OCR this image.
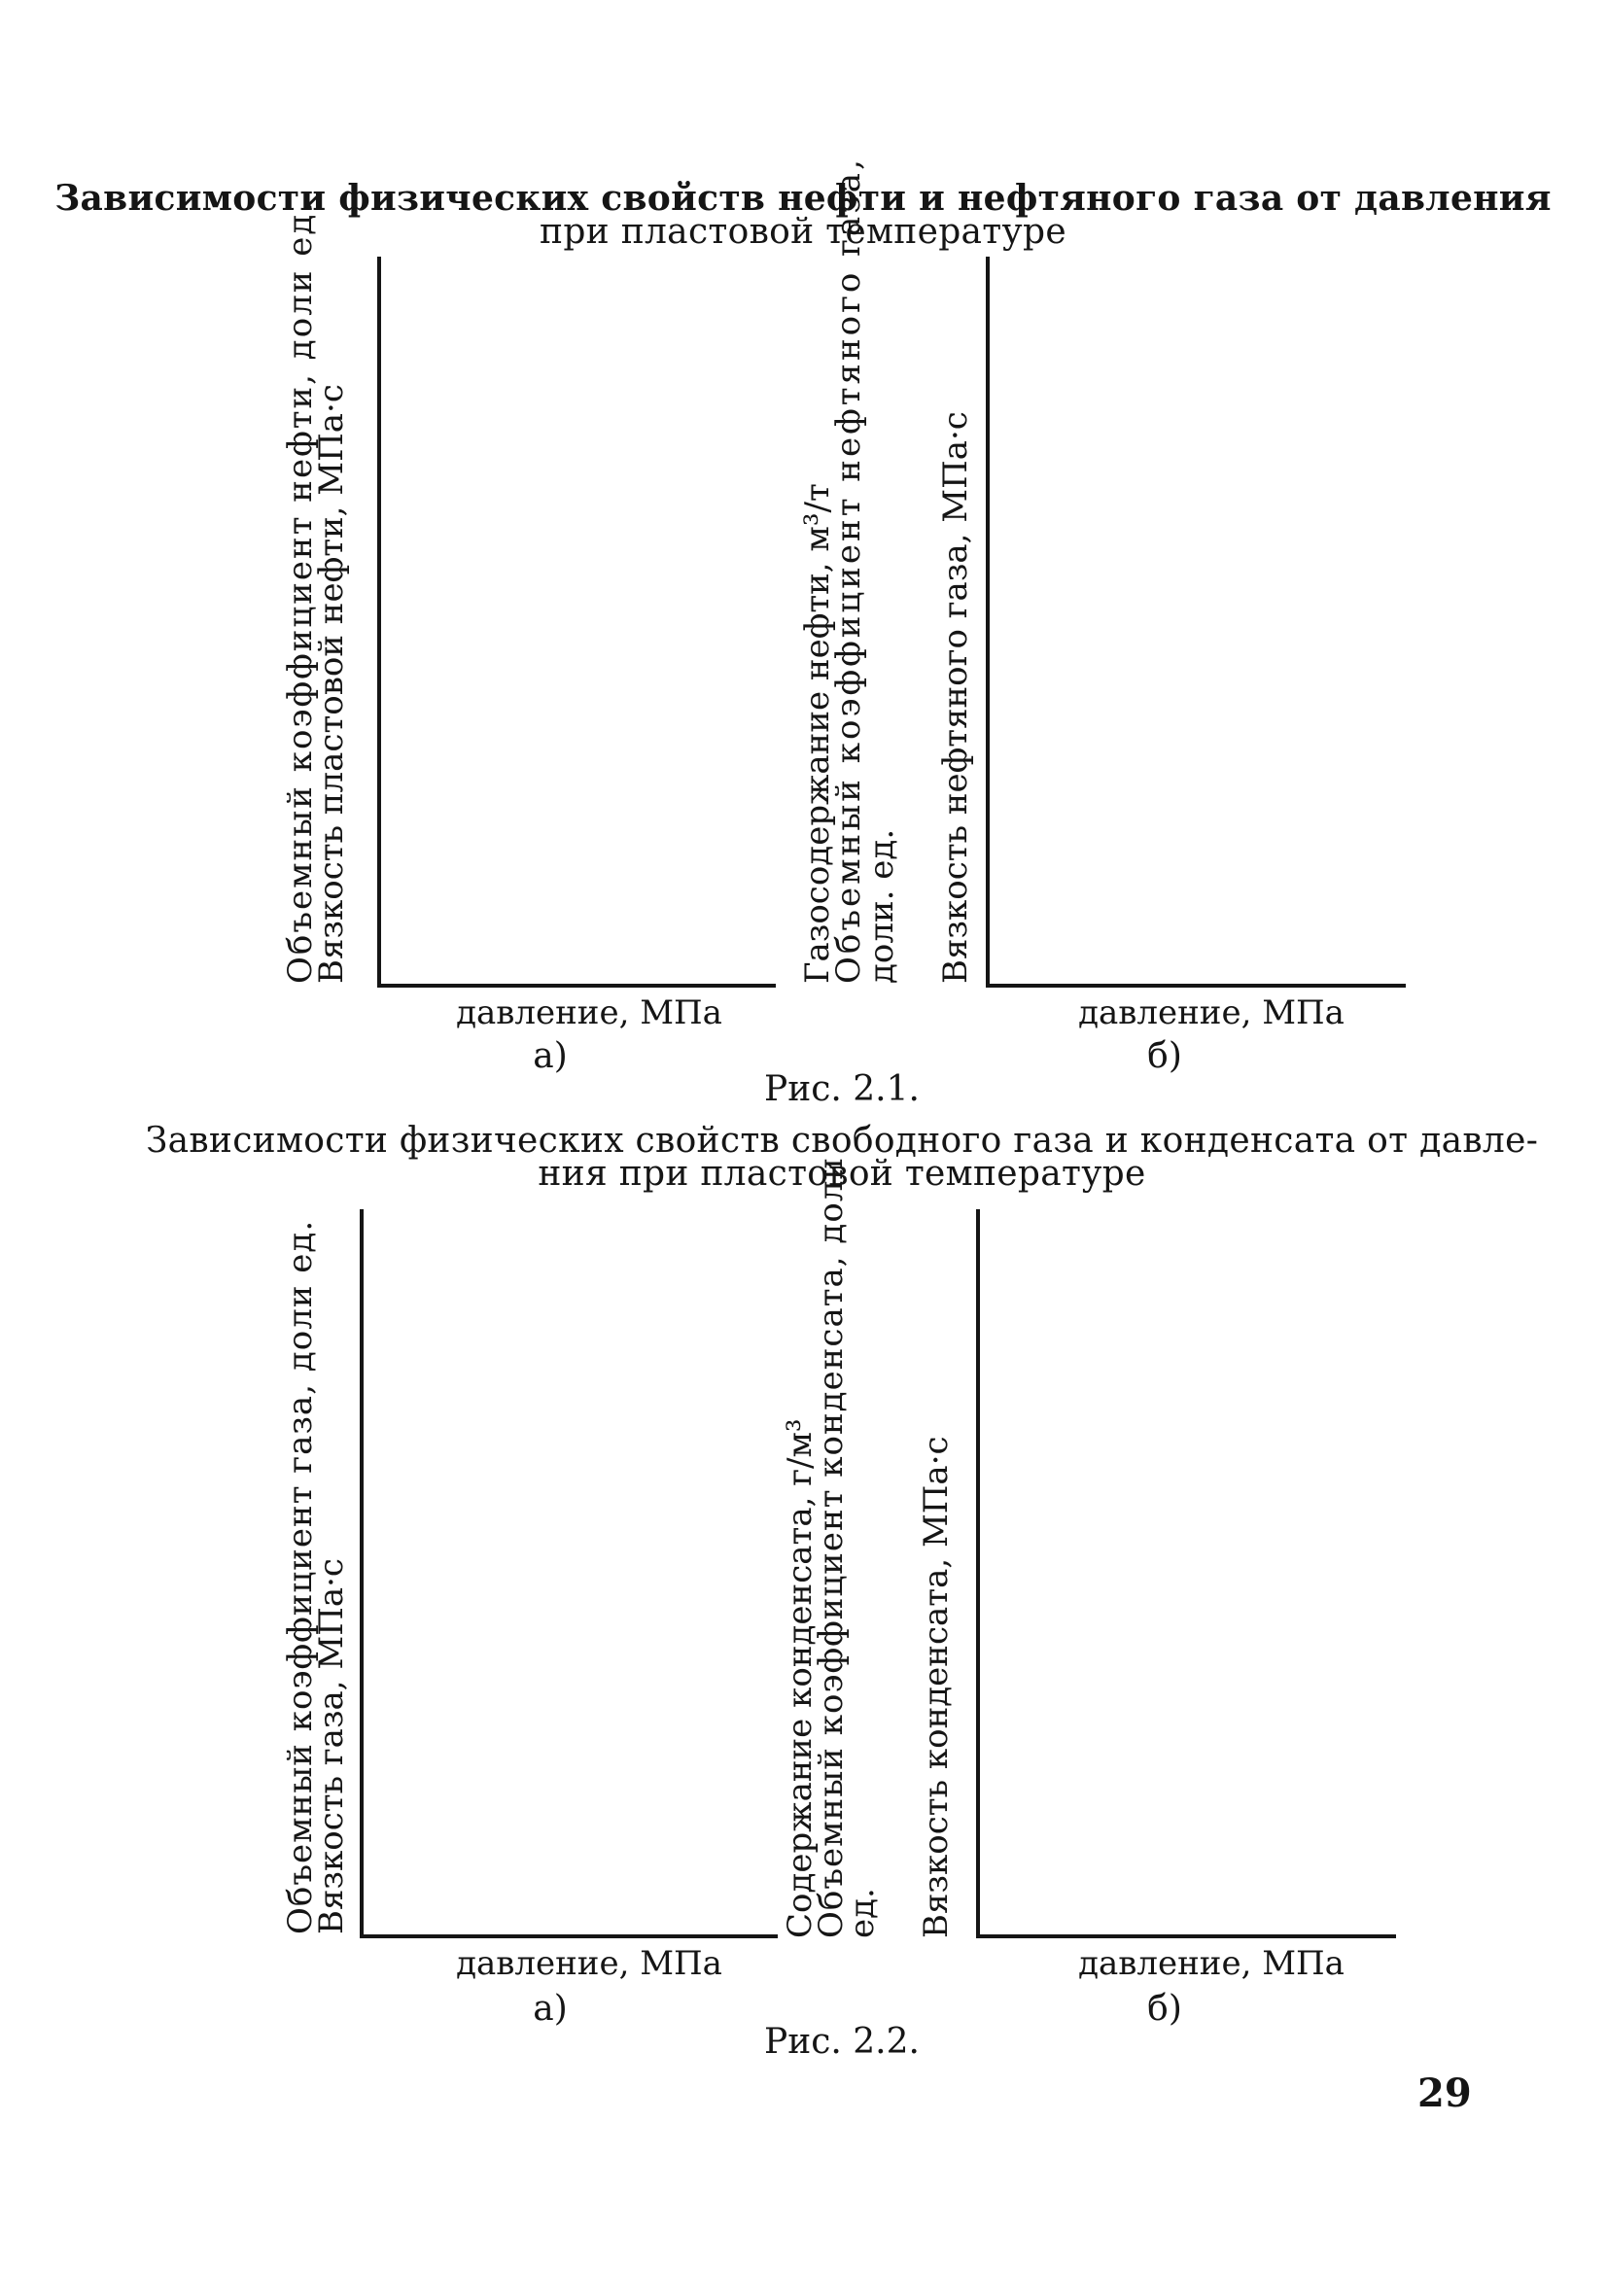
Зависимости физических свойств нефти и нефтяного газа от давления
при пластовой температуре
Объемный коэффициент нефти, доли ед.
Вязкость пластовой нефти, МПа·с
давление, МПа
а)
Газосодержание нефти, м³/т
Объемный коэффициент нефтяного газа,
доли. ед. Вязкость нефтяного газа, МПа·с
давление, МПа
б)
Рис. 2.1.
Зависимости физических свойств свободного газа и конденсата от давле-
ния при пластовой температуре
Объемный коэффициент газа, доли ед.
Вязкость газа, МПа·с
давление, МПа
а)
Содержание конденсата, г/м³
Объемный коэффициент конденсата, доли
ед. Вязкость конденсата, МПа·с
давление, МПа
б)
Рис. 2.2.
29
